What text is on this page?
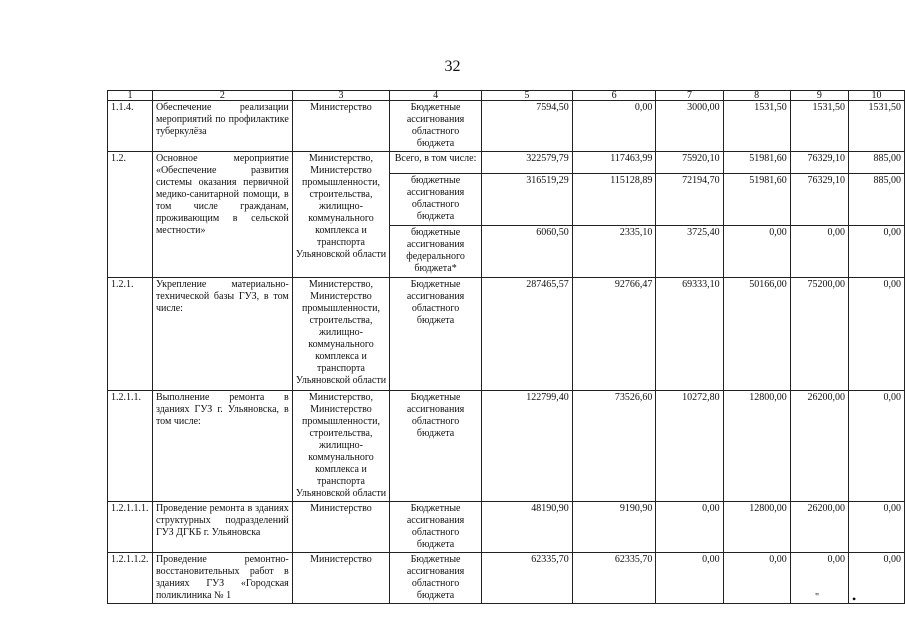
32
1	2	3	4	5	6	7	8	9	10
1.1.4.	Обеспечение реализации мероприятий по профилактике туберкулёза	Министерство	Бюджетные ассигнования областного бюджета	7594,50	0,00	3000,00	1531,50	1531,50	1531,50
1.2.	Основное мероприятие «Обеспечение развития системы оказания первичной медико-санитарной помощи, в том числе гражданам, проживающим в сельской местности»	Министерство, Министерство промышленности, строительства, жилищно-коммунального комплекса и транспорта Ульяновской области	Всего, в том числе:	322579,79	117463,99	75920,10	51981,60	76329,10	885,00
			бюджетные ассигнования областного бюджета	316519,29	115128,89	72194,70	51981,60	76329,10	885,00
			бюджетные ассигнования федерального бюджета*	6060,50	2335,10	3725,40	0,00	0,00	0,00
1.2.1.	Укрепление материально-технической базы ГУЗ, в том числе:	Министерство, Министерство промышленности, строительства, жилищно-коммунального комплекса и транспорта Ульяновской области	Бюджетные ассигнования областного бюджета	287465,57	92766,47	69333,10	50166,00	75200,00	0,00
1.2.1.1.	Выполнение ремонта в зданиях ГУЗ г. Ульяновска, в том числе:	Министерство, Министерство промышленности, строительства, жилищно-коммунального комплекса и транспорта Ульяновской области	Бюджетные ассигнования областного бюджета	122799,40	73526,60	10272,80	12800,00	26200,00	0,00
1.2.1.1.1.	Проведение ремонта в зданиях структурных подразделений ГУЗ ДГКБ г. Ульяновска	Министерство	Бюджетные ассигнования областного бюджета	48190,90	9190,90	0,00	12800,00	26200,00	0,00
1.2.1.1.2.	Проведение ремонтно-восстановительных работ в зданиях ГУЗ «Городская поликлиника № 1	Министерство	Бюджетные ассигнования областного бюджета	62335,70	62335,70	0,00	0,00	0,00	0,00
"	•
